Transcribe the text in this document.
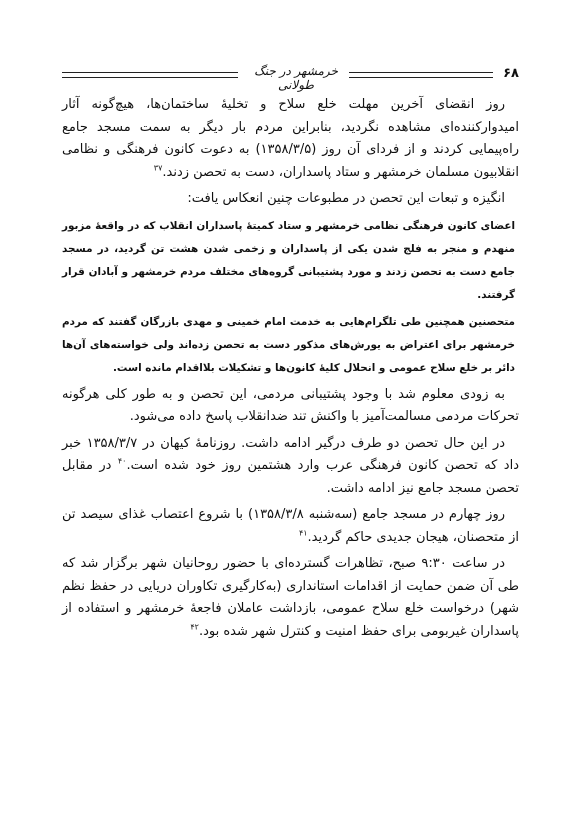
خرمشهر در جنگ طولانی
۶۸

روز انقضای آخرین مهلت خلع سلاح و تخلیهٔ ساختمان‌ها، هیچ‌گونه آثار امیدوارکننده‌ای مشاهده نگردید، بنابراین مردم بار دیگر به سمت مسجد جامع راه‌پیمایی کردند و از فردای آن روز (۱۳۵۸/۳/۵) به دعوت کانون فرهنگی و نظامی انقلابیون مسلمان خرمشهر و ستاد پاسداران، دست به تحصن زدند.$^{۳۷}$

انگیزه و تبعات این تحصن در مطبوعات چنین انعکاس یافت:

اعضای کانون فرهنگی نظامی خرمشهر و ستاد کمیتهٔ پاسداران انقلاب که در واقعهٔ مزبور منهدم و منجر به فلج شدن یکی از پاسداران و زخمی شدن هشت تن گردید، در مسجد جامع دست به تحصن زدند و مورد پشتیبانی گروه‌های مختلف مردم خرمشهر و آبادان قرار گرفتند.

متحصنین همچنین طی تلگرام‌هایی به خدمت امام خمینی و مهدی بازرگان گفتند که مردم خرمشهر برای اعتراض به یورش‌های مذکور دست به تحصن زده‌اند ولی خواسته‌های آن‌ها دائر بر خلع سلاح عمومی و انحلال کلیهٔ کانون‌ها و تشکیلات بلااقدام مانده است.

به زودی معلوم شد با وجود پشتیبانی مردمی، این تحصن و به طور کلی هرگونه تحرکات مردمی مسالمت‌آمیز با واکنش تند ضدانقلاب پاسخ داده می‌شود.

در این حال تحصن دو طرف درگیر ادامه داشت. روزنامهٔ کیهان در ۱۳۵۸/۳/۷ خبر داد که تحصن کانون فرهنگی عرب وارد هشتمین روز خود شده است.$^{۴۰}$ در مقابل تحصن مسجد جامع نیز ادامه داشت.

روز چهارم در مسجد جامع (سه‌شنبه ۱۳۵۸/۳/۸) با شروع اعتصاب غذای سیصد تن از متحصنان، هیجان جدیدی حاکم گردید.$^{۴۱}$

در ساعت ۹:۳۰ صبح، تظاهرات گسترده‌ای با حضور روحانیان شهر برگزار شد که طی آن ضمن حمایت از اقدامات استانداری (به‌کارگیری تکاوران دریایی در حفظ نظم شهر) درخواست خلع سلاح عمومی، بازداشت عاملان فاجعهٔ خرمشهر و استفاده از پاسداران غیربومی برای حفظ امنیت و کنترل شهر شده بود.$^{۴۲}$
